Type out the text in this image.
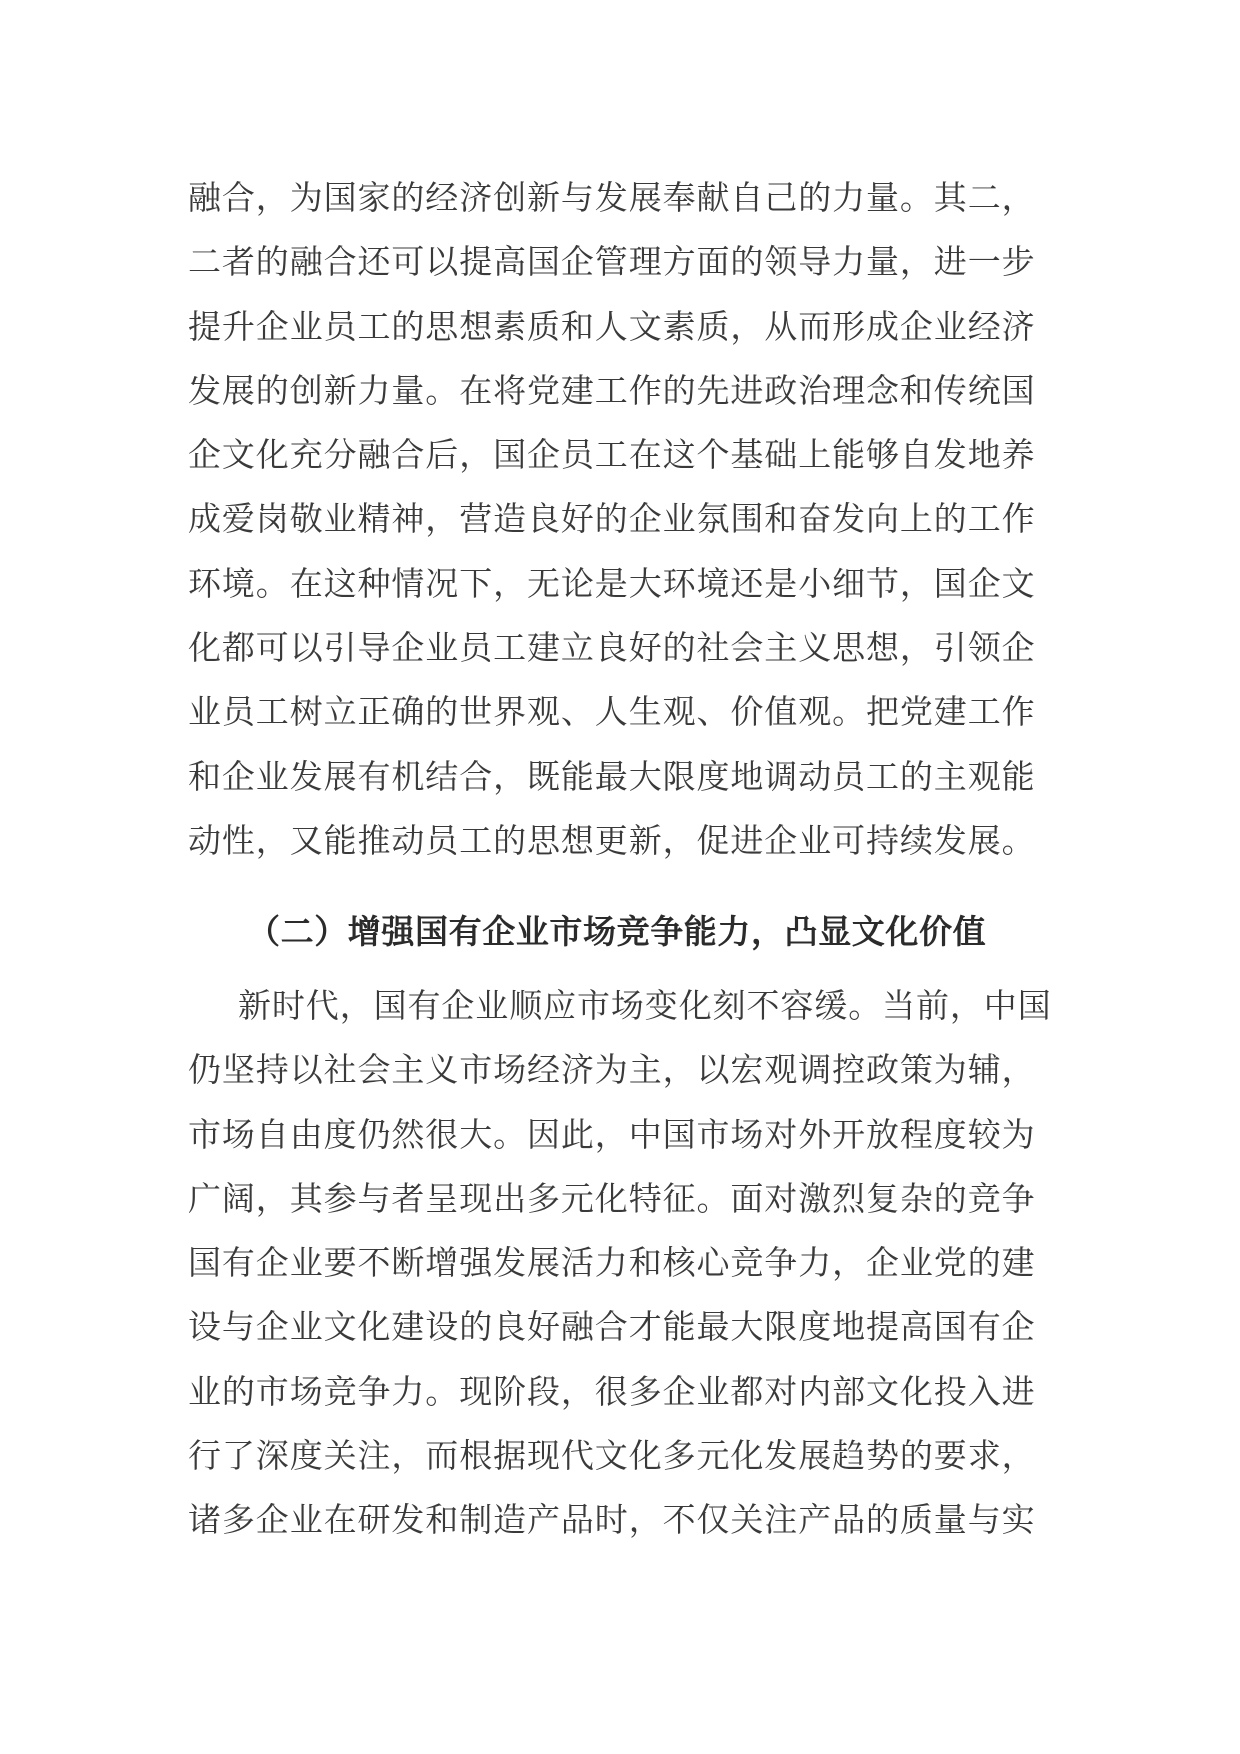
融合，为国家的经济创新与发展奉献自己的力量。其二，
二者的融合还可以提高国企管理方面的领导力量，进一步
提升企业员工的思想素质和人文素质，从而形成企业经济
发展的创新力量。在将党建工作的先进政治理念和传统国
企文化充分融合后，国企员工在这个基础上能够自发地养
成爱岗敬业精神，营造良好的企业氛围和奋发向上的工作
环境。在这种情况下，无论是大环境还是小细节，国企文
化都可以引导企业员工建立良好的社会主义思想，引领企
业员工树立正确的世界观、人生观、价值观。把党建工作
和企业发展有机结合，既能最大限度地调动员工的主观能
动性，又能推动员工的思想更新，促进企业可持续发展。
（二）增强国有企业市场竞争能力，凸显文化价值
新时代，国有企业顺应市场变化刻不容缓。当前，中国
仍坚持以社会主义市场经济为主，以宏观调控政策为辅，
市场自由度仍然很大。因此，中国市场对外开放程度较为
广阔，其参与者呈现出多元化特征。面对激烈复杂的竞争
国有企业要不断增强发展活力和核心竞争力，企业党的建
设与企业文化建设的良好融合才能最大限度地提高国有企
业的市场竞争力。现阶段，很多企业都对内部文化投入进
行了深度关注，而根据现代文化多元化发展趋势的要求，
诸多企业在研发和制造产品时，不仅关注产品的质量与实
